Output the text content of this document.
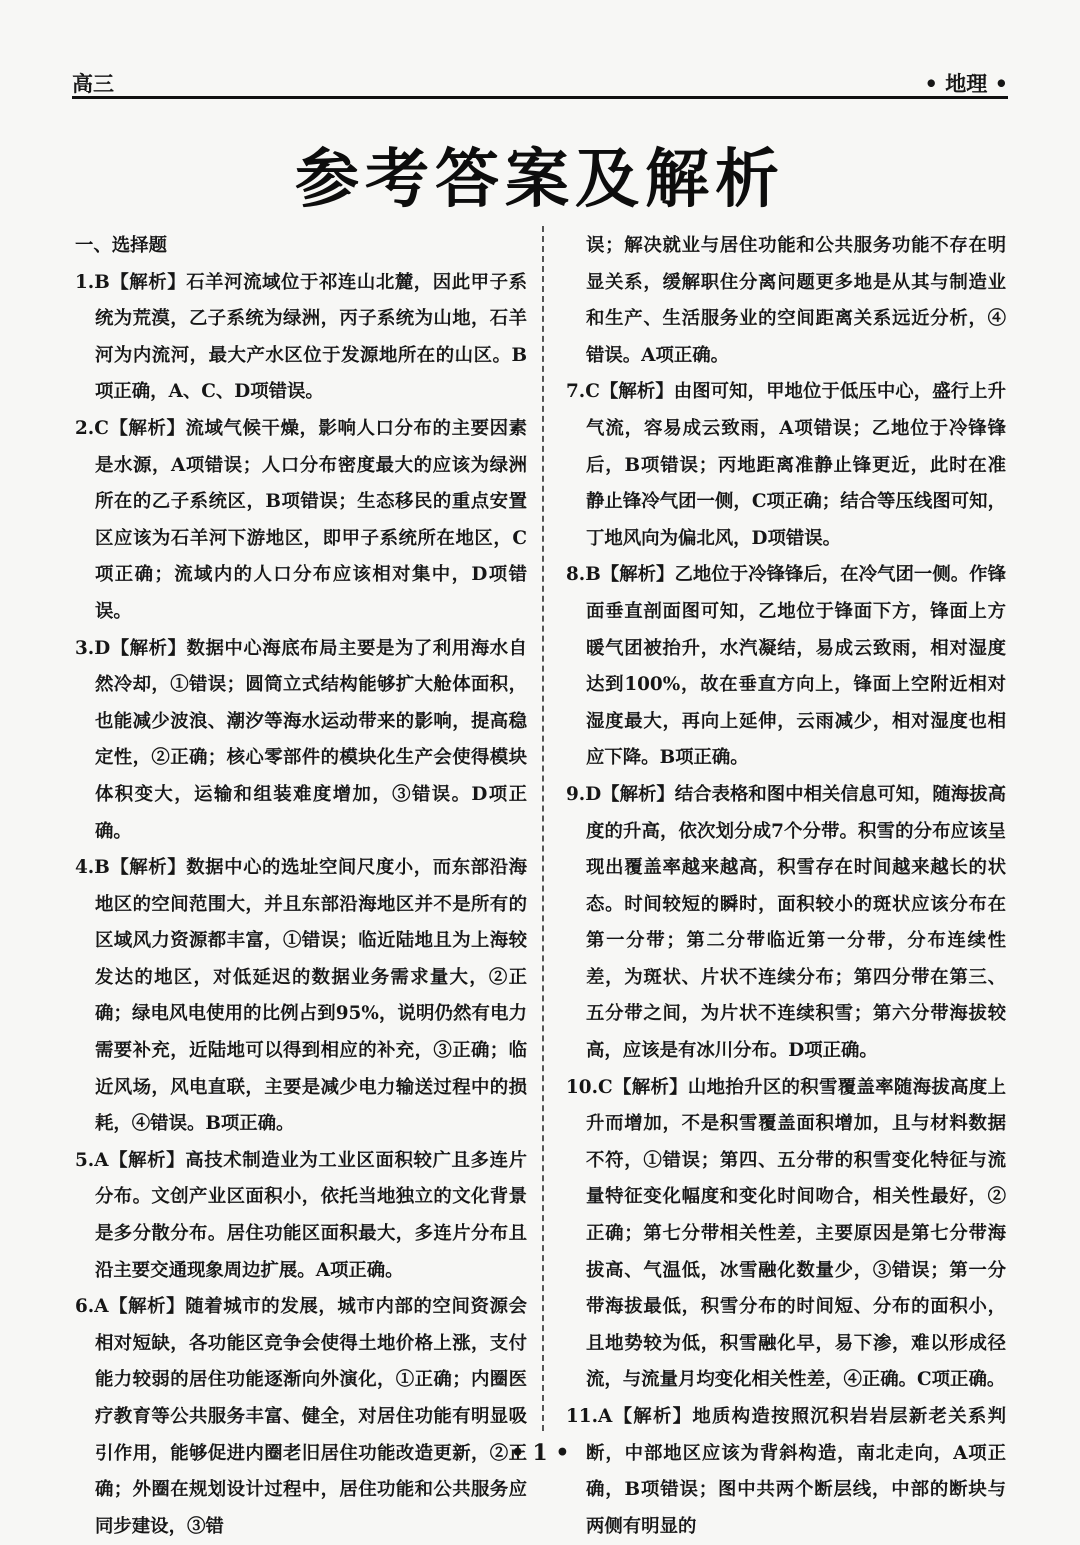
高三	• 地理 •
参考答案及解析
一、选择题

1.B【解析】石羊河流域位于祁连山北麓，因此甲子系统为荒漠，乙子系统为绿洲，丙子系统为山地，石羊河为内流河，最大产水区位于发源地所在的山区。B项正确，A、C、D项错误。

2.C【解析】流域气候干燥，影响人口分布的主要因素是水源，A项错误；人口分布密度最大的应该为绿洲所在的乙子系统区，B项错误；生态移民的重点安置区应该为石羊河下游地区，即甲子系统所在地区，C项正确；流域内的人口分布应该相对集中，D项错误。

3.D【解析】数据中心海底布局主要是为了利用海水自然冷却，①错误；圆筒立式结构能够扩大舱体面积，也能减少波浪、潮汐等海水运动带来的影响，提高稳定性，②正确；核心零部件的模块化生产会使得模块体积变大，运输和组装难度增加，③错误。D项正确。

4.B【解析】数据中心的选址空间尺度小，而东部沿海地区的空间范围大，并且东部沿海地区并不是所有的区域风力资源都丰富，①错误；临近陆地且为上海较发达的地区，对低延迟的数据业务需求量大，②正确；绿电风电使用的比例占到95%，说明仍然有电力需要补充，近陆地可以得到相应的补充，③正确；临近风场，风电直联，主要是减少电力输送过程中的损耗，④错误。B项正确。

5.A【解析】高技术制造业为工业区面积较广且多连片分布。文创产业区面积小，依托当地独立的文化背景是多分散分布。居住功能区面积最大，多连片分布且沿主要交通现象周边扩展。A项正确。

6.A【解析】随着城市的发展，城市内部的空间资源会相对短缺，各功能区竞争会使得土地价格上涨，支付能力较弱的居住功能逐渐向外演化，①正确；内圈医疗教育等公共服务丰富、健全，对居住功能有明显吸引作用，能够促进内圈老旧居住功能改造更新，②正确；外圈在规划设计过程中，居住功能和公共服务应同步建设，③错

误；解决就业与居住功能和公共服务功能不存在明显关系，缓解职住分离问题更多地是从其与制造业和生产、生活服务业的空间距离关系远近分析，④错误。A项正确。

7.C【解析】由图可知，甲地位于低压中心，盛行上升气流，容易成云致雨，A项错误；乙地位于冷锋锋后，B项错误；丙地距离准静止锋更近，此时在准静止锋冷气团一侧，C项正确；结合等压线图可知，丁地风向为偏北风，D项错误。

8.B【解析】乙地位于冷锋锋后，在冷气团一侧。作锋面垂直剖面图可知，乙地位于锋面下方，锋面上方暖气团被抬升，水汽凝结，易成云致雨，相对湿度达到100%，故在垂直方向上，锋面上空附近相对湿度最大，再向上延伸，云雨减少，相对湿度也相应下降。B项正确。

9.D【解析】结合表格和图中相关信息可知，随海拔高度的升高，依次划分成7个分带。积雪的分布应该呈现出覆盖率越来越高，积雪存在时间越来越长的状态。时间较短的瞬时，面积较小的斑状应该分布在第一分带；第二分带临近第一分带，分布连续性差，为斑状、片状不连续分布；第四分带在第三、五分带之间，为片状不连续积雪；第六分带海拔较高，应该是有冰川分布。D项正确。

10.C【解析】山地抬升区的积雪覆盖率随海拔高度上升而增加，不是积雪覆盖面积增加，且与材料数据不符，①错误；第四、五分带的积雪变化特征与流量特征变化幅度和变化时间吻合，相关性最好，②正确；第七分带相关性差，主要原因是第七分带海拔高、气温低，冰雪融化数量少，③错误；第一分带海拔最低，积雪分布的时间短、分布的面积小，且地势较为低，积雪融化早，易下渗，难以形成径流，与流量月均变化相关性差，④正确。C项正确。

11.A【解析】地质构造按照沉积岩岩层新老关系判断，中部地区应该为背斜构造，南北走向，A项正确，B项错误；图中共两个断层线，中部的断块与两侧有明显的

• 1 •
